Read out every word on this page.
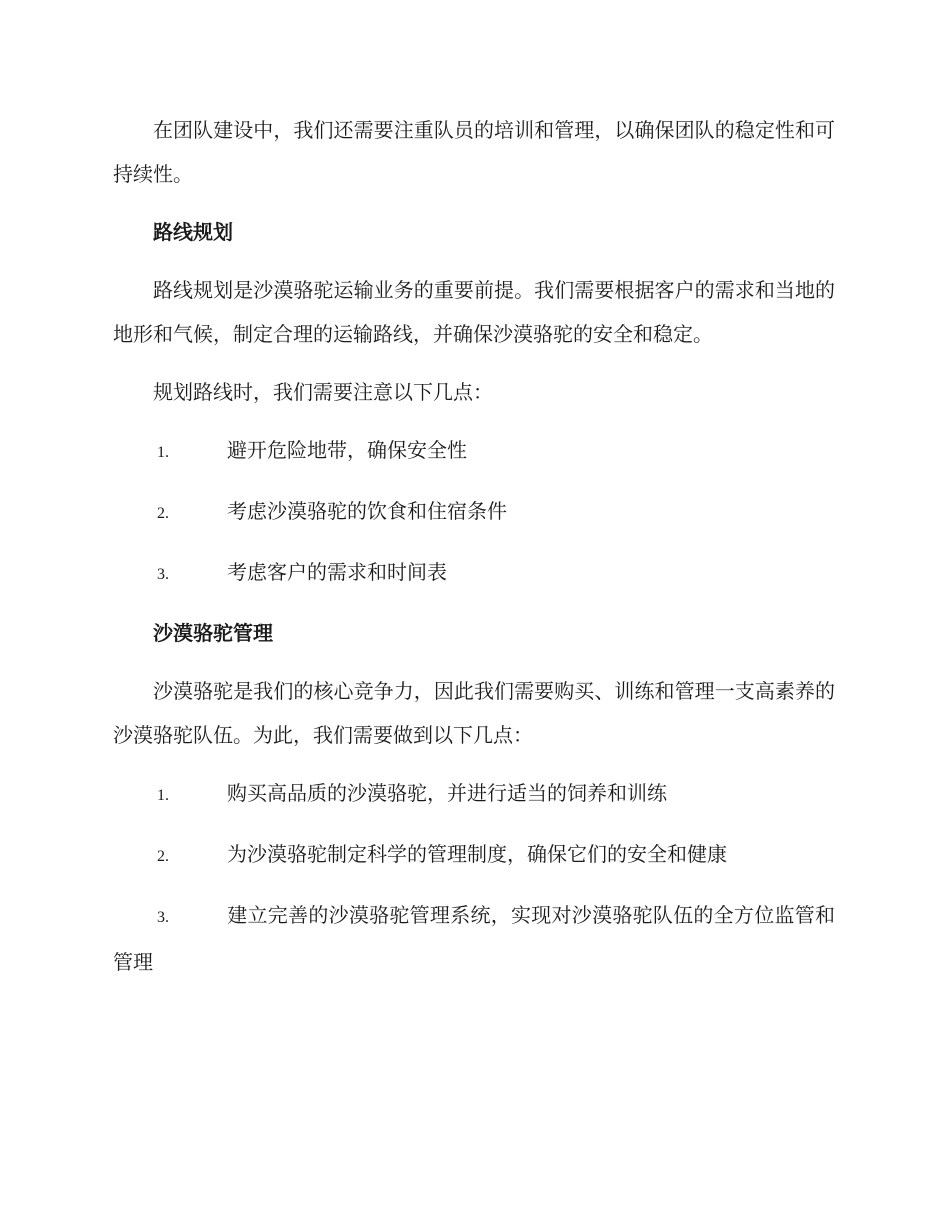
在团队建设中，我们还需要注重队员的培训和管理，以确保团队的稳定性和可持续性。

路线规划

路线规划是沙漠骆驼运输业务的重要前提。我们需要根据客户的需求和当地的地形和气候，制定合理的运输路线，并确保沙漠骆驼的安全和稳定。

规划路线时，我们需要注意以下几点：

1.	避开危险地带，确保安全性
2.	考虑沙漠骆驼的饮食和住宿条件
3.	考虑客户的需求和时间表
沙漠骆驼管理

沙漠骆驼是我们的核心竞争力，因此我们需要购买、训练和管理一支高素养的沙漠骆驼队伍。为此，我们需要做到以下几点：

1.	购买高品质的沙漠骆驼，并进行适当的饲养和训练
2.	为沙漠骆驼制定科学的管理制度，确保它们的安全和健康
3.	建立完善的沙漠骆驼管理系统，实现对沙漠骆驼队伍的全方位监管和管理
